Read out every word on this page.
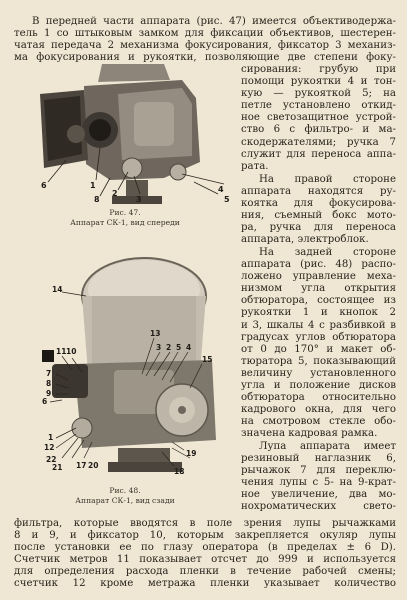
В передней части аппарата (рис. 47) имеется объективодержа-
тель 1 со штыковым замком для фиксации объективов, шестерен-
чатая передача 2 механизма фокусирования, фиксатор 3 механиз-
ма фокусирования и рукоятки, позволяющие две степени фоку-

сирования: грубую при
помощи рукоятки 4 и тон-
кую — рукояткой 5; на
петле установлено откид-
ное светозащитное устрой-
ство 6 с фильтро- и ма-
скодержателями; ручка 7
служит для переноса аппа-
рата.

На правой стороне
аппарата находятся ру-
коятка для фокусирова-
ния, съемный бокс мото-
ра, ручка для переноса
аппарата, электроблок.

На задней стороне
аппарата (рис. 48) распо-
ложено управление меха-
низмом угла открытия
обтюратора, состоящее из
рукоятки 1 и кнопок 2
и 3, шкалы 4 с разбивкой в
градусах углов обтюратора
от 0 до 170° и макет об-
тюратора 5, показывающий
величину установленного
угла и положение дисков
обтюратора относительно
кадрового окна, для чего
на смотровом стекле обо-
значена кадровая рамка.

Лупа аппарата имеет
резиновый наглазник 6,
рычажок 7 для переклю-
чения лупы с 5- на 9-крат-
ное увеличение, два мо-
нохроматических свето-

фильтра, которые вводятся в поле зрения лупы рычажками
8 и 9, и фиксатор 10, которым закрепляется окуляр лупы
после установки ее по глазу оператора (в пределах ± 6 D).
Счетчик метров 11 показывает отсчет до 999 и используется
для определения расхода пленки в течение рабочей смены;
счетчик 12 кроме метража пленки указывает количество

6	1
2
3
4
5
8

Рис. 47.
Аппарат СК-1, вид спереди

14
13
3 2 5 4
11 10
7
8
9
15
6
1
12
22
21 17 20
19
18

Рис. 48.
Аппарат СК-1, вид сзади
